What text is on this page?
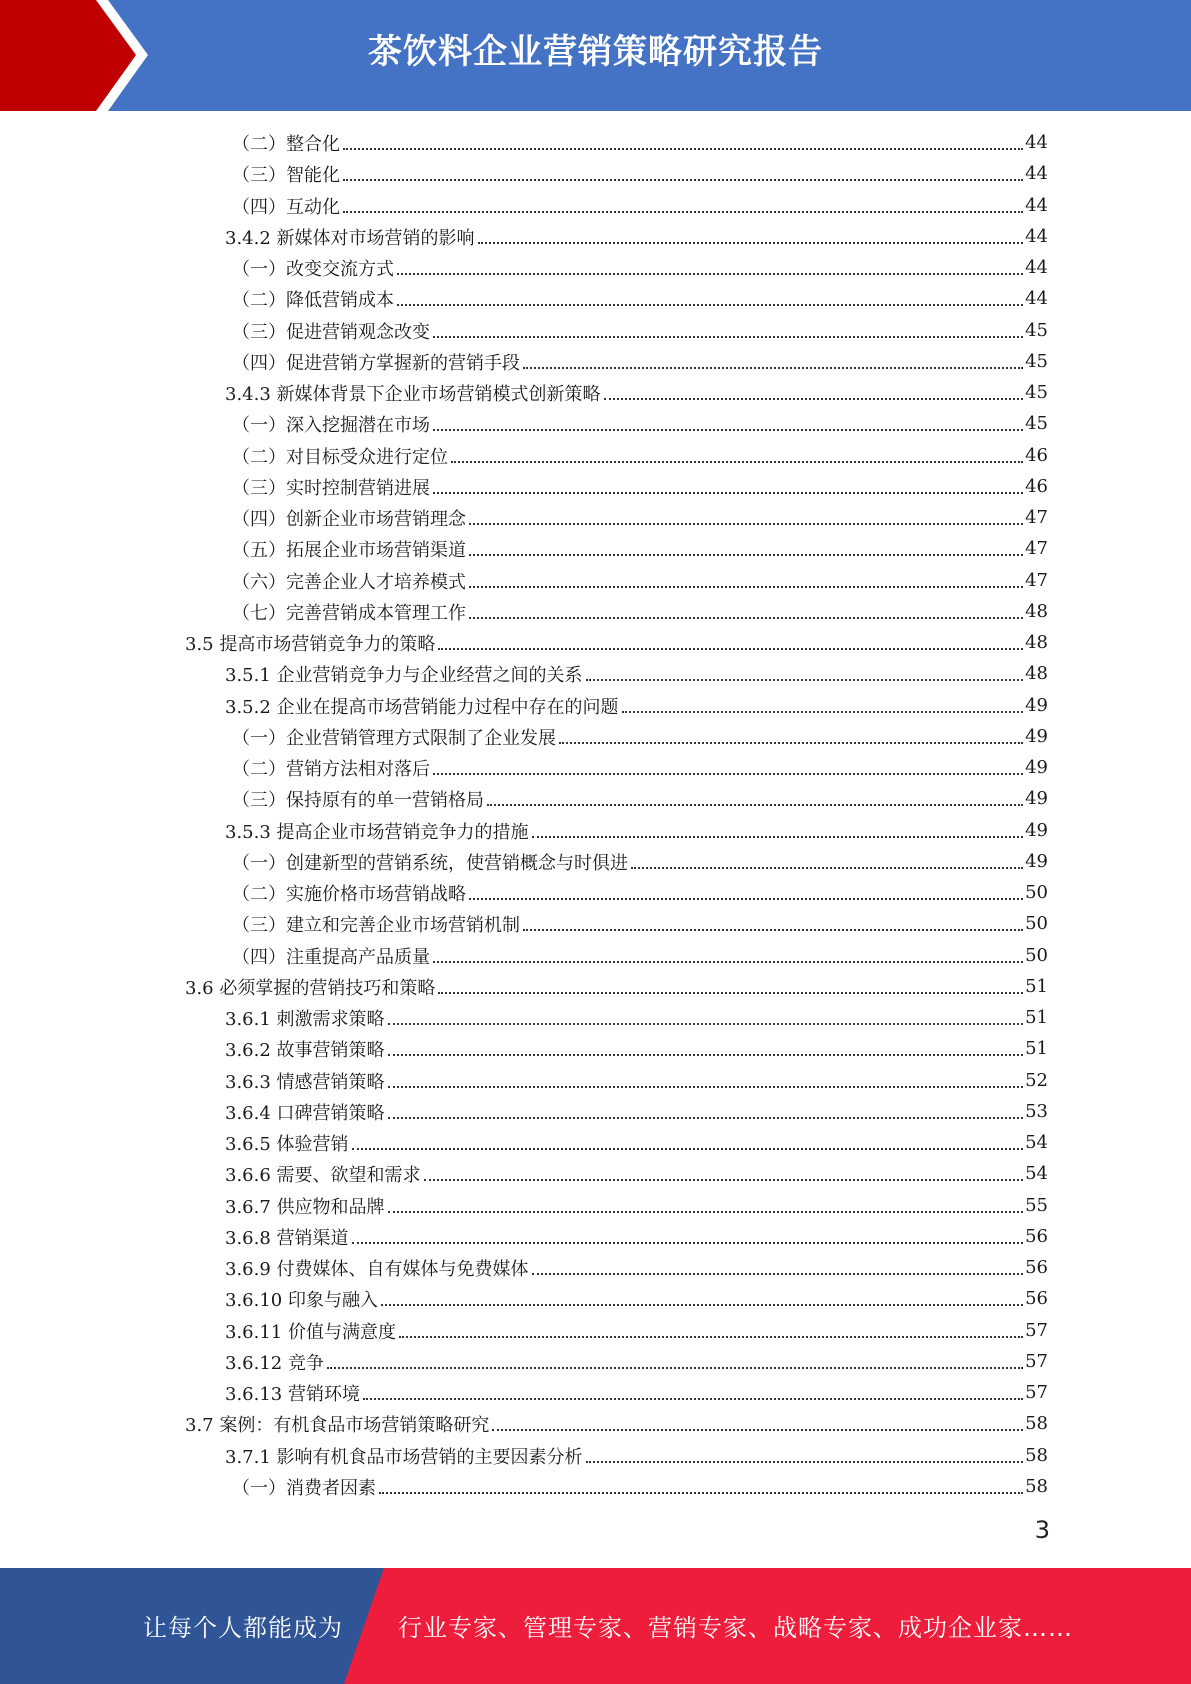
茶饮料企业营销策略研究报告
（二）整合化	44
（三）智能化	44
（四）互动化	44
3.4.2 新媒体对市场营销的影响	44
（一）改变交流方式	44
（二）降低营销成本	44
（三）促进营销观念改变	45
（四）促进营销方掌握新的营销手段	45
3.4.3 新媒体背景下企业市场营销模式创新策略	45
（一）深入挖掘潜在市场	45
（二）对目标受众进行定位	46
（三）实时控制营销进展	46
（四）创新企业市场营销理念	47
（五）拓展企业市场营销渠道	47
（六）完善企业人才培养模式	47
（七）完善营销成本管理工作	48
3.5 提高市场营销竞争力的策略	48
3.5.1 企业营销竞争力与企业经营之间的关系	48
3.5.2 企业在提高市场营销能力过程中存在的问题	49
（一）企业营销管理方式限制了企业发展	49
（二）营销方法相对落后	49
（三）保持原有的单一营销格局	49
3.5.3 提高企业市场营销竞争力的措施	49
（一）创建新型的营销系统，使营销概念与时俱进	49
（二）实施价格市场营销战略	50
（三）建立和完善企业市场营销机制	50
（四）注重提高产品质量	50
3.6 必须掌握的营销技巧和策略	51
3.6.1 刺激需求策略	51
3.6.2 故事营销策略	51
3.6.3 情感营销策略	52
3.6.4 口碑营销策略	53
3.6.5 体验营销	54
3.6.6 需要、欲望和需求	54
3.6.7 供应物和品牌	55
3.6.8 营销渠道	56
3.6.9 付费媒体、自有媒体与免费媒体	56
3.6.10 印象与融入	56
3.6.11 价值与满意度	57
3.6.12 竞争	57
3.6.13 营销环境	57
3.7 案例：有机食品市场营销策略研究	58
3.7.1 影响有机食品市场营销的主要因素分析	58
（一）消费者因素	58
3
让每个人都能成为 行业专家、管理专家、营销专家、战略专家、成功企业家……
